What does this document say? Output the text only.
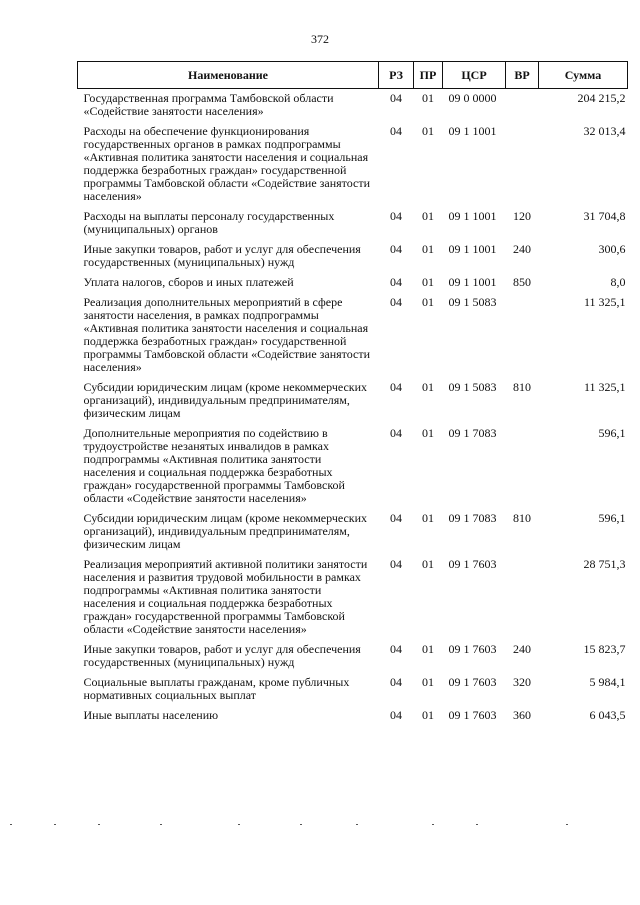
372
Наименование	РЗ	ПР	ЦСР	ВР	Сумма
Государственная программа Тамбовской области «Содействие занятости населения»	04	01	09 0 0000		204 215,2
Расходы на обеспечение функционирования государственных органов в рамках подпрограммы «Активная политика занятости населения и социальная поддержка безработных граждан» государственной программы Тамбовской области «Содействие занятости населения»	04	01	09 1 1001		32 013,4
Расходы на выплаты персоналу государственных (муниципальных) органов	04	01	09 1 1001	120	31 704,8
Иные закупки товаров, работ и услуг для обеспечения государственных (муниципальных) нужд	04	01	09 1 1001	240	300,6
Уплата налогов, сборов и иных платежей	04	01	09 1 1001	850	8,0
Реализация дополнительных мероприятий в сфере занятости населения, в рамках подпрограммы «Активная политика занятости населения и социальная поддержка безработных граждан» государственной программы Тамбовской области «Содействие занятости населения»	04	01	09 1 5083		11 325,1
Субсидии юридическим лицам (кроме некоммерческих организаций), индивидуальным предпринимателям, физическим лицам	04	01	09 1 5083	810	11 325,1
Дополнительные мероприятия по содействию в трудоустройстве незанятых инвалидов в рамках подпрограммы «Активная политика занятости населения и социальная поддержка безработных граждан» государственной программы Тамбовской области «Содействие занятости населения»	04	01	09 1 7083		596,1
Субсидии юридическим лицам (кроме некоммерческих организаций), индивидуальным предпринимателям, физическим лицам	04	01	09 1 7083	810	596,1
Реализация мероприятий активной политики занятости населения и развития трудовой мобильности в рамках подпрограммы «Активная политика занятости населения и социальная поддержка безработных граждан» государственной программы Тамбовской области «Содействие занятости населения»	04	01	09 1 7603		28 751,3
Иные закупки товаров, работ и услуг для обеспечения государственных (муниципальных) нужд	04	01	09 1 7603	240	15 823,7
Социальные выплаты гражданам, кроме публичных нормативных социальных выплат	04	01	09 1 7603	320	5 984,1
Иные выплаты населению	04	01	09 1 7603	360	6 043,5
